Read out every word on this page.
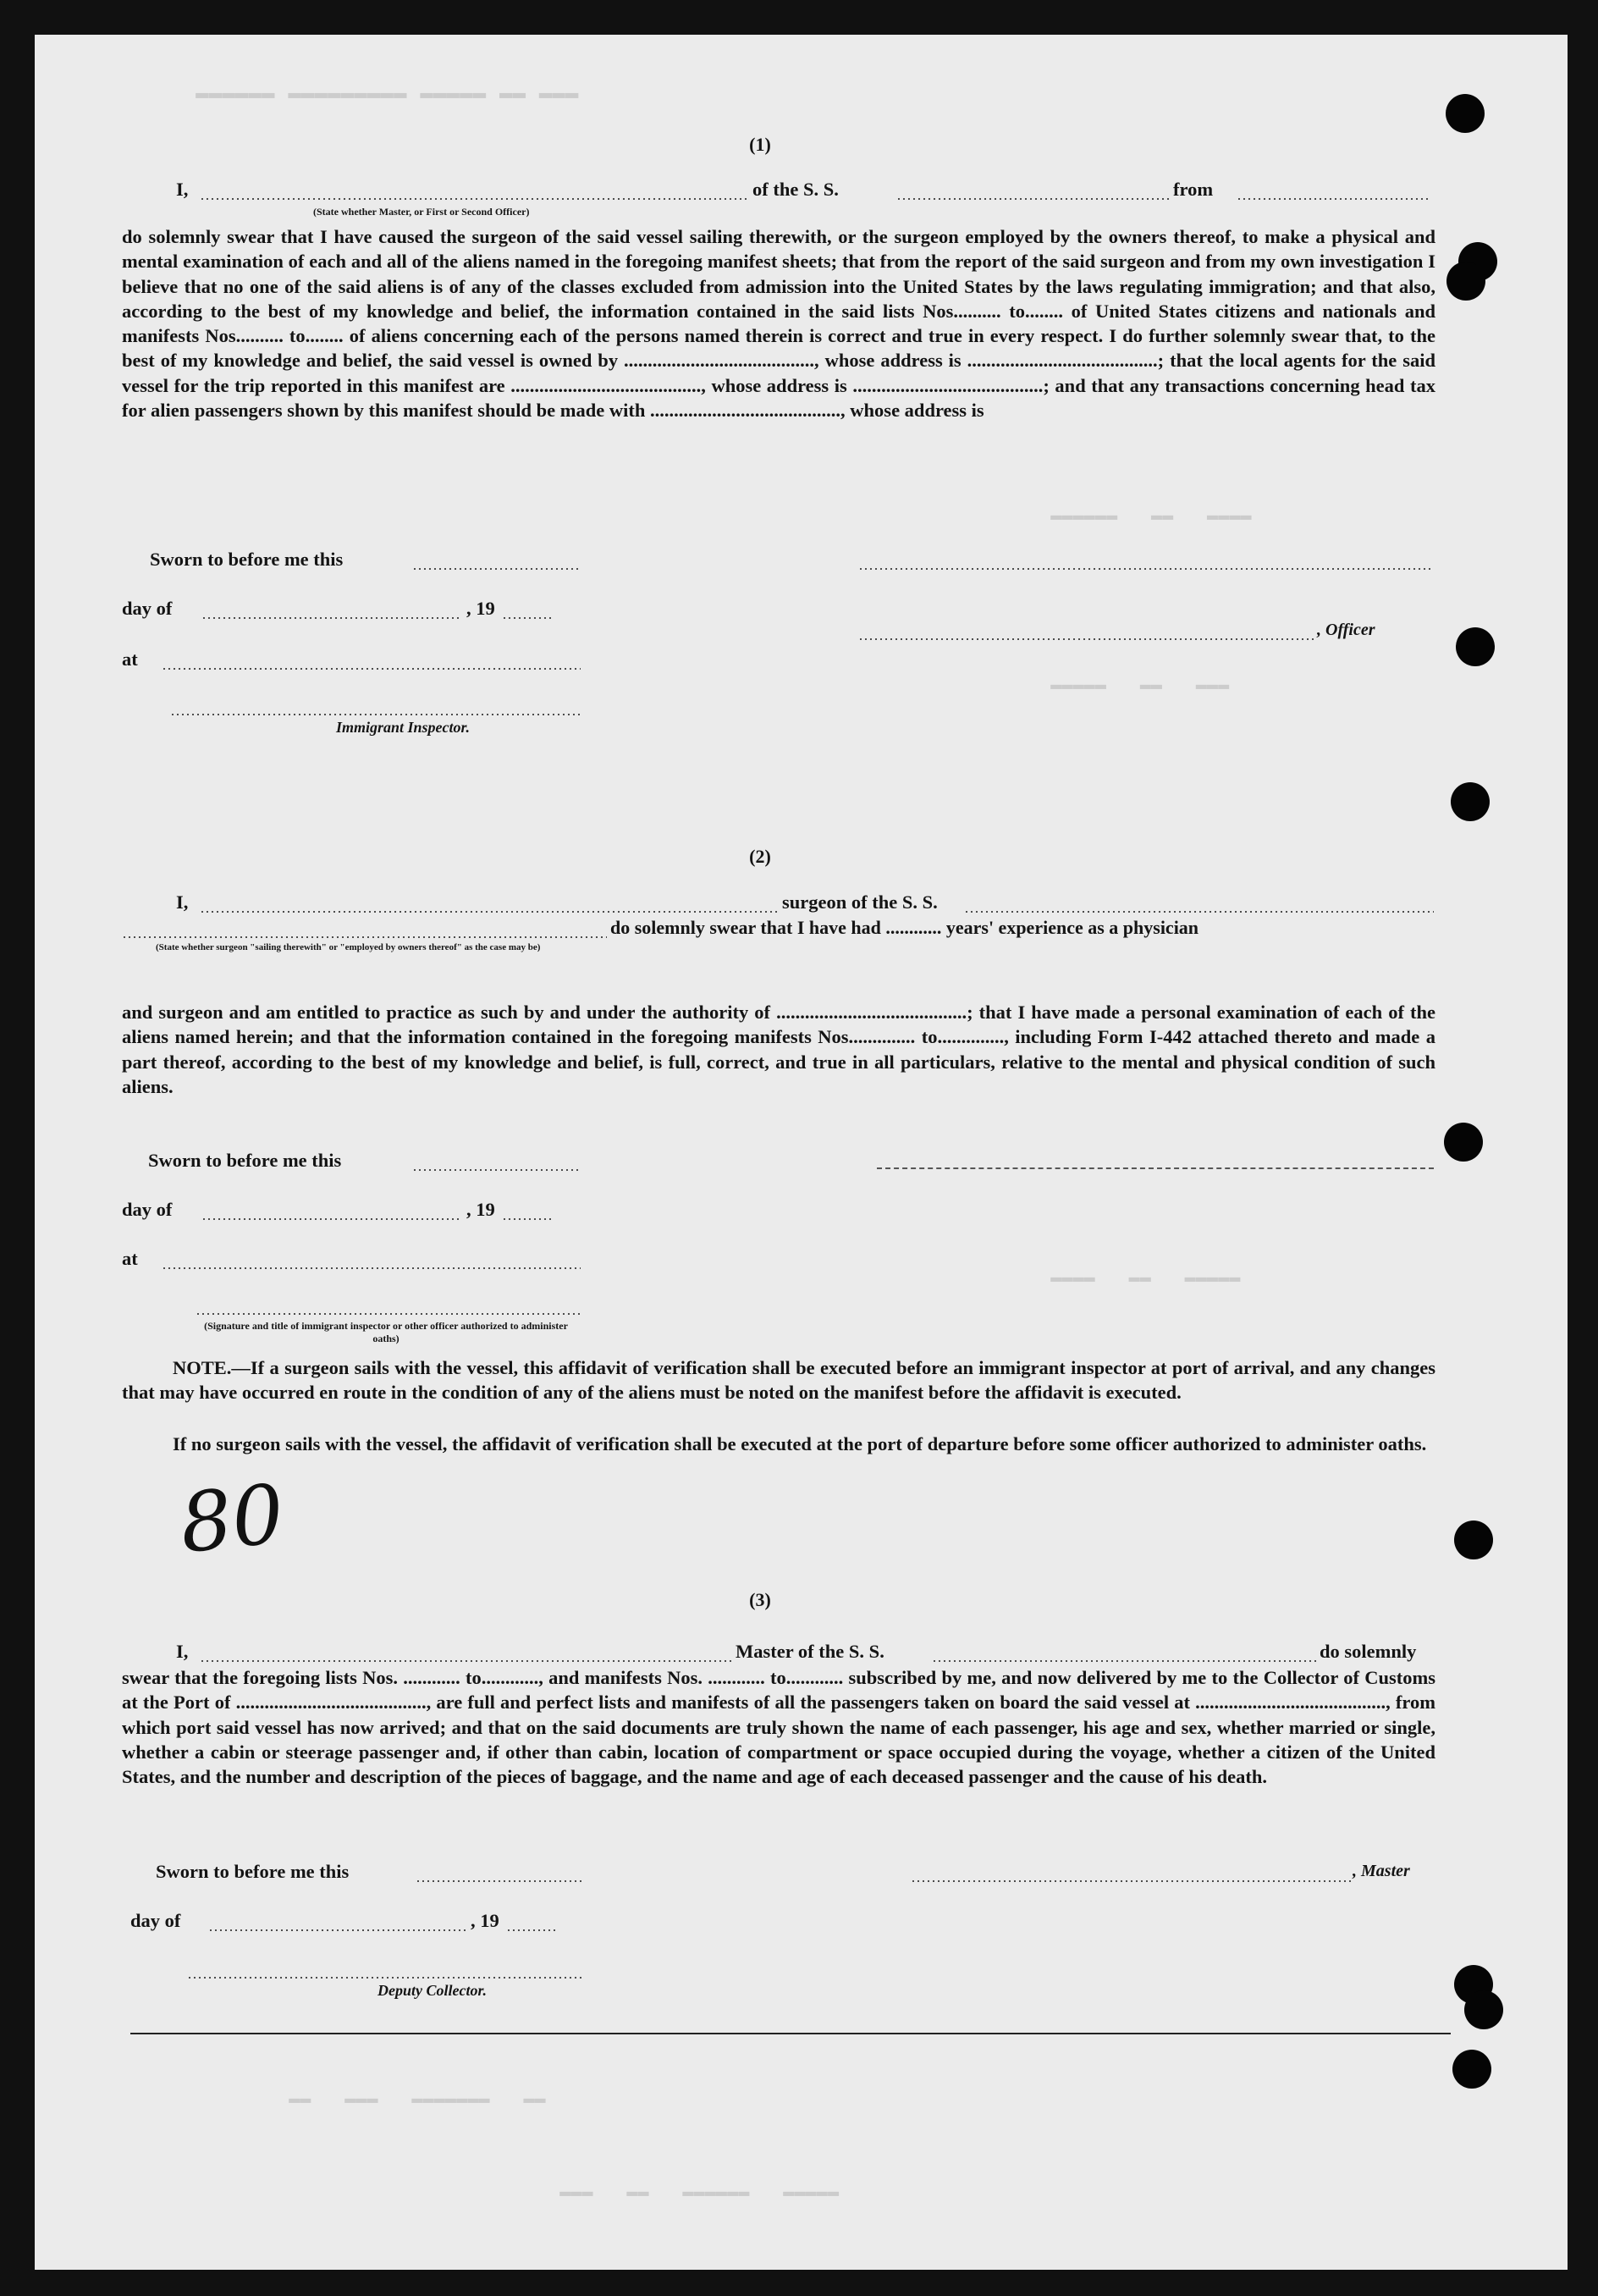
▬▬▬ ▬▬ ▬▬▬▬▬ ▬▬▬▬▬▬▬▬▬ ▬▬▬▬▬▬
▬▬▬▬   ▬▬   ▬▬▬▬▬▬
▬▬▬   ▬▬   ▬▬▬▬▬
▬▬▬▬▬   ▬▬   ▬▬▬▬
▬▬   ▬▬▬▬▬▬▬   ▬▬▬   ▬▬
▬▬▬▬▬   ▬▬▬▬▬▬   ▬▬   ▬▬▬
(1)
I,	of the S. S.	from
(State whether Master, or First or Second Officer)
do solemnly swear that I have caused the surgeon of the said vessel sailing therewith, or the surgeon employed by the owners thereof, to make a physical and mental examination of each and all of the aliens named in the foregoing manifest sheets; that from the report of the said surgeon and from my own investigation I believe that no one of the said aliens is of any of the classes excluded from admission into the United States by the laws regulating immigration; and that also, according to the best of my knowledge and belief, the information contained in the said lists Nos.......... to........ of United States citizens and nationals and manifests Nos.......... to........ of aliens concerning each of the persons named therein is correct and true in every respect. I do further solemnly swear that, to the best of my knowledge and belief, the said vessel is owned by ........................................, whose address is ........................................; that the local agents for the said vessel for the trip reported in this manifest are ........................................, whose address is ........................................; and that any transactions concerning head tax for alien passengers shown by this manifest should be made with ........................................, whose address is
Sworn to before me this
day of	, 19
, Officer
at
Immigrant Inspector.
(2)
I,	surgeon of the S. S.
do solemnly swear that I have had ............ years' experience as a physician
(State whether surgeon "sailing therewith" or "employed by owners thereof" as the case may be)
and surgeon and am entitled to practice as such by and under the authority of ........................................; that I have made a personal examination of each of the aliens named herein; and that the information contained in the foregoing manifests Nos.............. to.............., including Form I-442 attached thereto and made a part thereof, according to the best of my knowledge and belief, is full, correct, and true in all particulars, relative to the mental and physical condition of such aliens.
Sworn to before me this
day of	, 19
at
(Signature and title of immigrant inspector or other officer authorized to administer oaths)
NOTE.—If a surgeon sails with the vessel, this affidavit of verification shall be executed before an immigrant inspector at port of arrival, and any changes that may have occurred en route in the condition of any of the aliens must be noted on the manifest before the affidavit is executed.
If no surgeon sails with the vessel, the affidavit of verification shall be executed at the port of departure before some officer authorized to administer oaths.
80
(3)
I,	Master of the S. S.	do solemnly
swear that the foregoing lists Nos. ............ to............, and manifests Nos. ............ to............ subscribed by me, and now delivered by me to the Collector of Customs at the Port of ........................................, are full and perfect lists and manifests of all the passengers taken on board the said vessel at ........................................, from which port said vessel has now arrived; and that on the said documents are truly shown the name of each passenger, his age and sex, whether married or single, whether a cabin or steerage passenger and, if other than cabin, location of compartment or space occupied during the voyage, whether a citizen of the United States, and the number and description of the pieces of baggage, and the name and age of each deceased passenger and the cause of his death.
Sworn to before me this	, Master
day of	, 19
Deputy Collector.
